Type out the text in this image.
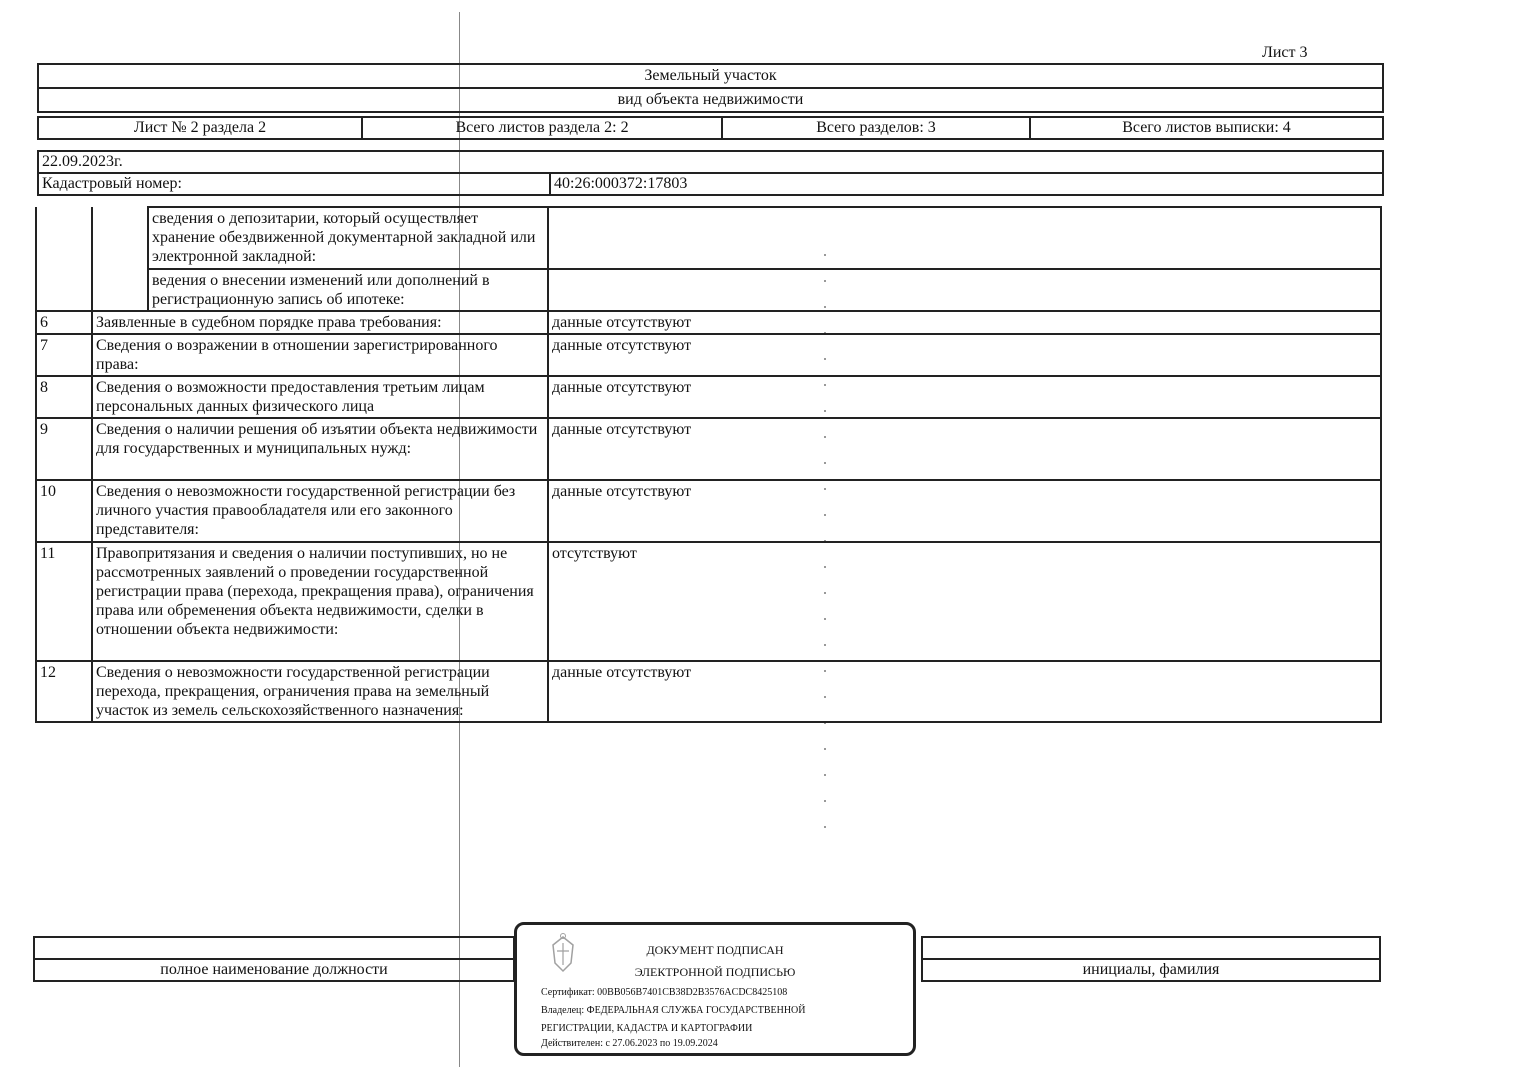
Лист 3
Земельный участок
вид объекта недвижимости
Лист № 2 раздела 2	Всего листов раздела 2: 2	Всего разделов: 3	Всего листов выписки: 4
22.09.2023г.
Кадастровый номер:	40:26:000372:17803
		сведения о депозитарии, который осуществляет хранение обездвиженной документарной закладной или электронной закладной:	
		ведения о внесении изменений или дополнений в регистрационную запись об ипотеке:	
6	Заявленные в судебном порядке права требования:		данные отсутствуют
7	Сведения о возражении в отношении зарегистрированного права:		данные отсутствуют
8	Сведения о возможности предоставления третьим лицам персональных данных физического лица		данные отсутствуют
9	Сведения о наличии решения об изъятии объекта недвижимости для государственных и муниципальных нужд:		данные отсутствуют
10	Сведения о невозможности государственной регистрации без личного участия правообладателя или его законного представителя:		данные отсутствуют
11	Правопритязания и сведения о наличии поступивших, но не рассмотренных заявлений о проведении государственной регистрации права (перехода, прекращения права), ограничения права или обременения объекта недвижимости, сделки в отношении объекта недвижимости:		отсутствуют
12	Сведения о невозможности государственной регистрации перехода, прекращения, ограничения права на земельный участок из земель сельскохозяйственного назначения:		данные отсутствуют

полное наименование должности		инициалы, фамилия
ДОКУМЕНТ ПОДПИСАН
ЭЛЕКТРОННОЙ ПОДПИСЬЮ
Сертификат: 00BB056B7401CB38D2B3576ACDC8425108
Владелец: ФЕДЕРАЛЬНАЯ СЛУЖБА ГОСУДАРСТВЕННОЙ
РЕГИСТРАЦИИ, КАДАСТРА И КАРТОГРАФИИ
Действителен: с 27.06.2023 по 19.09.2024
